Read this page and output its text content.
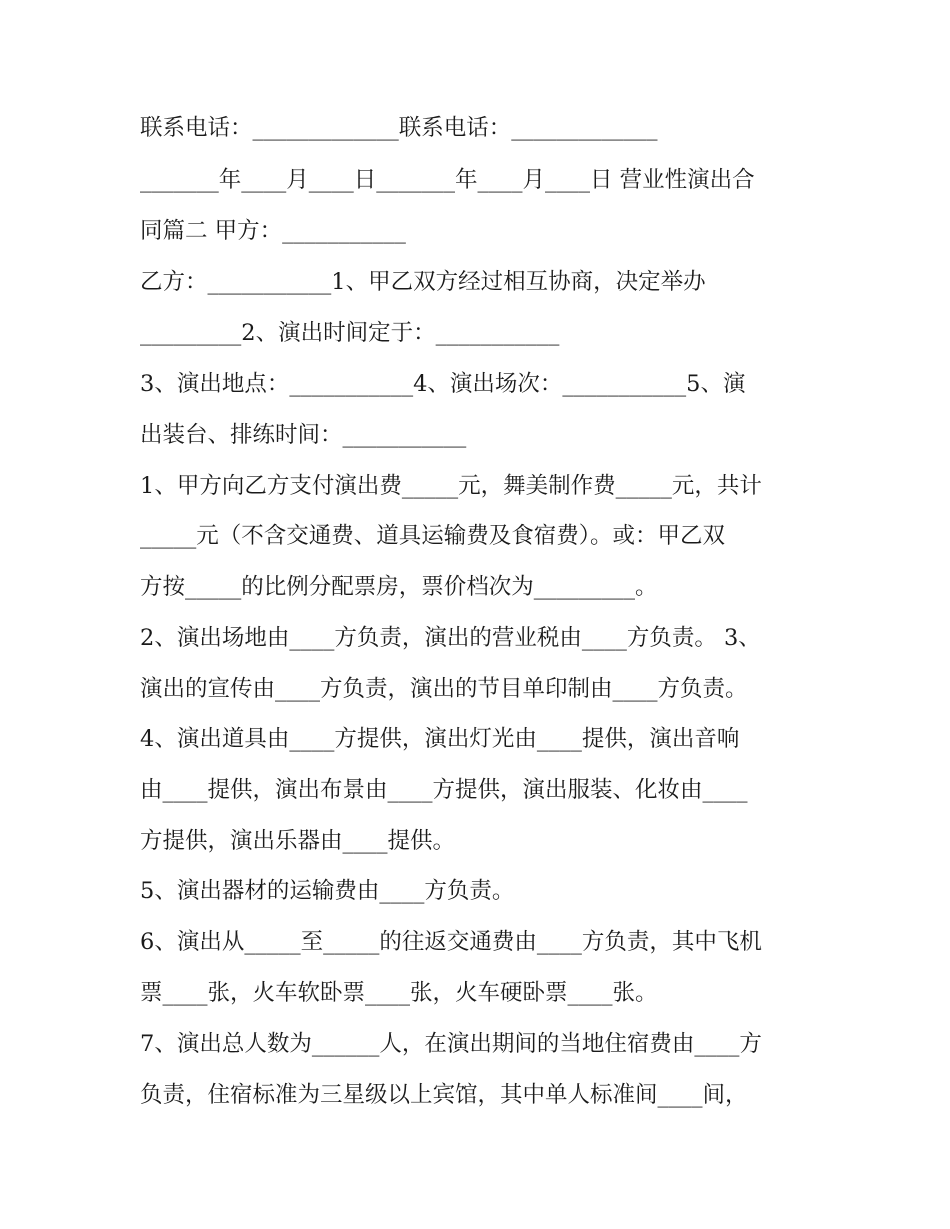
联系电话：_____________联系电话：_____________
_______年____月____日_______年____月____日 营业性演出合
同篇二 甲方：___________
乙方：___________1、甲乙双方经过相互协商，决定举办
_________2、演出时间定于：___________
3、演出地点：___________4、演出场次：___________5、演
出装台、排练时间：___________
1、甲方向乙方支付演出费_____元，舞美制作费_____元，共计
_____元（不含交通费、道具运输费及食宿费）。或：甲乙双
方按_____的比例分配票房，票价档次为_________。
2、演出场地由____方负责，演出的营业税由____方负责。 3、
演出的宣传由____方负责，演出的节目单印制由____方负责。
4、演出道具由____方提供，演出灯光由____提供，演出音响
由____提供，演出布景由____方提供，演出服装、化妆由____
方提供，演出乐器由____提供。
5、演出器材的运输费由____方负责。
6、演出从_____至_____的往返交通费由____方负责，其中飞机
票____张，火车软卧票____张，火车硬卧票____张。
7、演出总人数为______人，在演出期间的当地住宿费由____方
负责，住宿标准为三星级以上宾馆，其中单人标准间____间，
